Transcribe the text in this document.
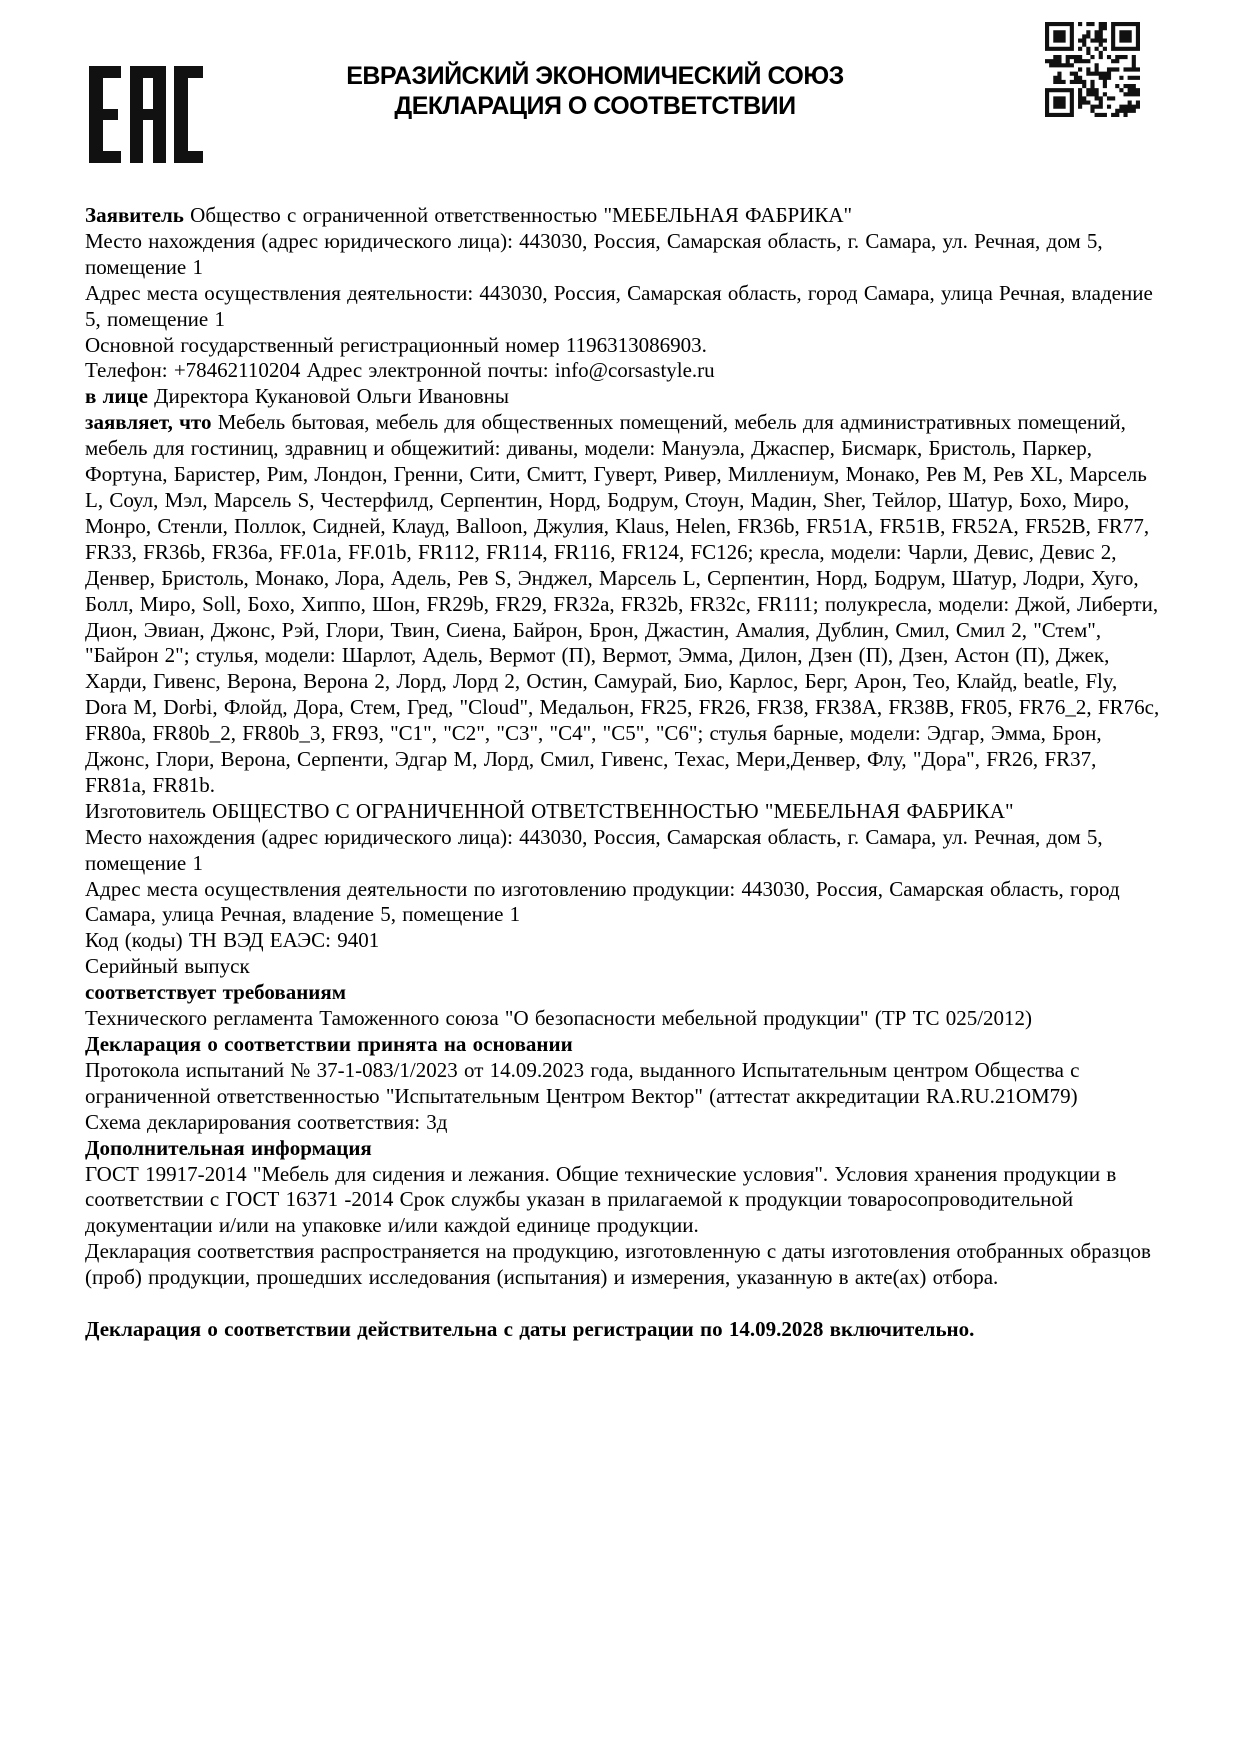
ЕВРАЗИЙСКИЙ ЭКОНОМИЧЕСКИЙ СОЮЗ
ДЕКЛАРАЦИЯ О СООТВЕТСТВИИ

Заявитель Общество с ограниченной ответственностью "МЕБЕЛЬНАЯ ФАБРИКА"

Место нахождения (адрес юридического лица): 443030, Россия, Самарская область, г. Самара, ул. Речная, дом 5, помещение 1

Адрес места осуществления деятельности: 443030, Россия, Самарская область, город Самара, улица Речная, владение 5, помещение 1

Основной государственный регистрационный номер 1196313086903.

Телефон: +78462110204 Адрес электронной почты: info@corsastyle.ru

в лице Директора Кукановой Ольги Ивановны

заявляет, что Мебель бытовая, мебель для общественных помещений, мебель для административных помещений, мебель для гостиниц, здравниц и общежитий: диваны, модели: Мануэла, Джаспер, Бисмарк, Бристоль, Паркер, Фортуна, Баристер, Рим, Лондон, Гренни, Сити, Смитт, Гуверт, Ривер, Миллениум, Монако, Рев М, Рев XL, Марсель L, Соул, Мэл, Марсель S, Честерфилд, Серпентин, Норд, Бодрум, Стоун, Мадин, Sher, Тейлор, Шатур, Бохо, Миро, Монро, Стенли, Поллок, Сидней, Клауд, Balloon, Джулия, Klaus, Helen, FR36b, FR51A, FR51B, FR52A, FR52B, FR77, FR33, FR36b, FR36a, FF.01a, FF.01b, FR112, FR114, FR116, FR124, FC126; кресла, модели: Чарли, Девис, Девис 2, Денвер, Бристоль, Монако, Лора, Адель, Рев S, Энджел, Марсель L, Серпентин, Норд, Бодрум, Шатур, Лодри, Хуго, Болл, Миро, Soll, Бохо, Хиппо, Шон, FR29b, FR29, FR32a, FR32b, FR32c, FR111; полукресла, модели: Джой, Либерти, Дион, Эвиан, Джонс, Рэй, Глори, Твин, Сиена, Байрон, Брон, Джастин, Амалия, Дублин, Смил, Смил 2, "Стем", "Байрон 2"; стулья, модели: Шарлот, Адель, Вермот (П), Вермот, Эмма, Дилон, Дзен (П), Дзен, Астон (П), Джек, Харди, Гивенс, Верона, Верона 2, Лорд, Лорд 2, Остин, Самурай, Био, Карлос, Берг, Арон, Тео, Клайд, beatle, Fly, Dora M, Dorbi, Флойд, Дора, Стем, Гред, "Cloud", Медальон, FR25, FR26, FR38, FR38A, FR38B, FR05, FR76_2, FR76c, FR80a, FR80b_2, FR80b_3, FR93, "C1", "C2", "C3", "C4", "C5", "C6"; стулья барные, модели: Эдгар, Эмма, Брон, Джонс, Глори, Верона, Серпенти, Эдгар М, Лорд, Смил, Гивенс, Техас, Мери,Денвер, Флу, "Дора", FR26, FR37, FR81a, FR81b.

Изготовитель ОБЩЕСТВО С ОГРАНИЧЕННОЙ ОТВЕТСТВЕННОСТЬЮ "МЕБЕЛЬНАЯ ФАБРИКА"

Место нахождения (адрес юридического лица): 443030, Россия, Самарская область, г. Самара, ул. Речная, дом 5, помещение 1

Адрес места осуществления деятельности по изготовлению продукции: 443030, Россия, Самарская область, город Самара, улица Речная, владение 5, помещение 1

Код (коды) ТН ВЭД ЕАЭС: 9401

Серийный выпуск

соответствует требованиям

Технического регламента Таможенного союза "О безопасности мебельной продукции" (ТР ТС 025/2012)

Декларация о соответствии принята на основании

Протокола испытаний № 37-1-083/1/2023 от 14.09.2023 года, выданного Испытательным центром Общества с ограниченной ответственностью "Испытательным Центром Вектор" (аттестат аккредитации RA.RU.21ОМ79)

Схема декларирования соответствия: 3д

Дополнительная информация

ГОСТ 19917-2014 "Мебель для сидения и лежания. Общие технические условия". Условия хранения продукции в соответствии с ГОСТ 16371 -2014 Срок службы указан в прилагаемой к продукции товаросопроводительной документации и/или на упаковке и/или каждой единице продукции.

Декларация соответствия распространяется на продукцию, изготовленную с даты изготовления отобранных образцов (проб) продукции, прошедших исследования (испытания) и измерения, указанную в акте(ах) отбора.

Декларация о соответствии действительна с даты регистрации по 14.09.2028 включительно.
